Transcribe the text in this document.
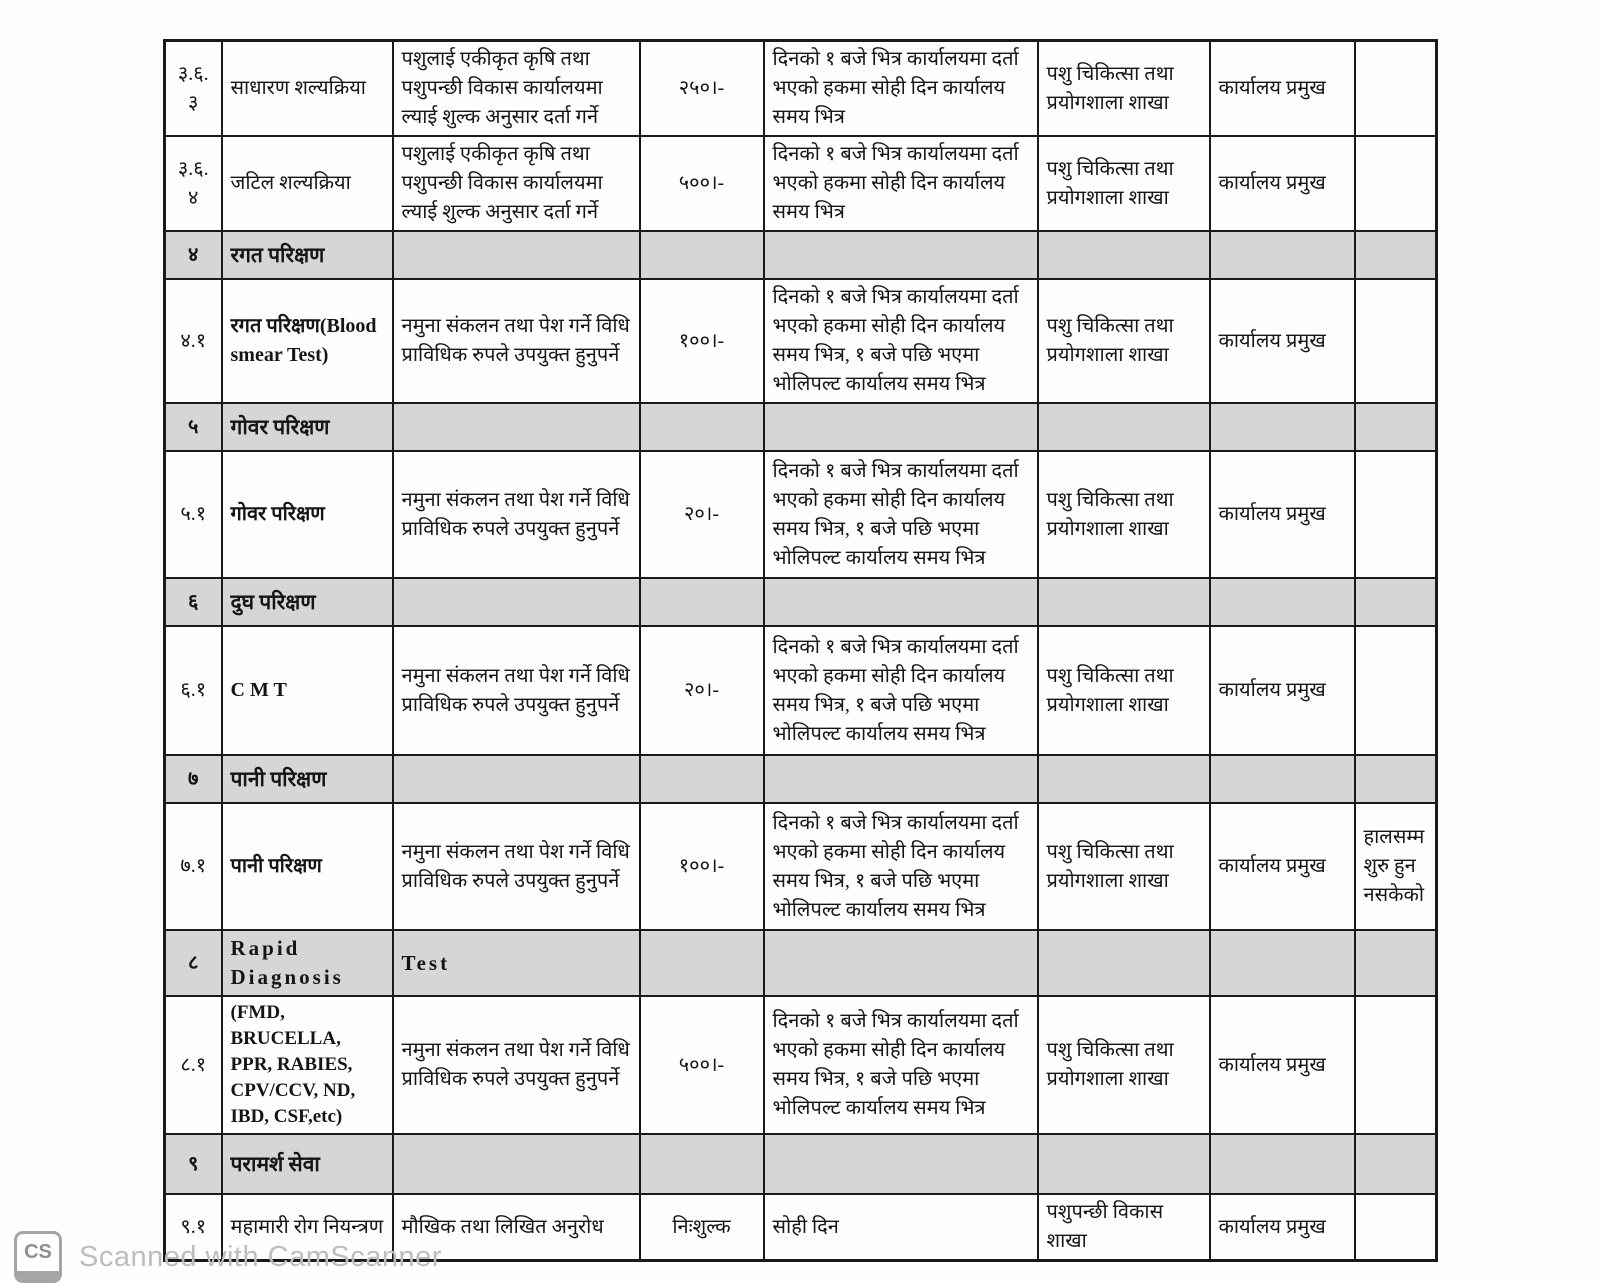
३.६.३	साधारण शल्यक्रिया	पशुलाई एकीकृत कृषि तथा पशुपन्छी विकास कार्यालयमा ल्याई शुल्क अनुसार दर्ता गर्ने	२५०।-	दिनको १ बजे भित्र कार्यालयमा दर्ता भएको हकमा सोही दिन कार्यालय समय भित्र	पशु चिकित्सा तथा प्रयोगशाला शाखा	कार्यालय प्रमुख	
३.६.४	जटिल शल्यक्रिया	पशुलाई एकीकृत कृषि तथा पशुपन्छी विकास कार्यालयमा ल्याई शुल्क अनुसार दर्ता गर्ने	५००।-	दिनको १ बजे भित्र कार्यालयमा दर्ता भएको हकमा सोही दिन कार्यालय समय भित्र	पशु चिकित्सा तथा प्रयोगशाला शाखा	कार्यालय प्रमुख	
४	रगत परिक्षण						
४.१	रगत परिक्षण(Blood smear Test)	नमुना संकलन तथा पेश गर्ने विधि प्राविधिक रुपले उपयुक्त हुनुपर्ने	१००।-	दिनको १ बजे भित्र कार्यालयमा दर्ता भएको हकमा सोही दिन कार्यालय समय भित्र, १ बजे पछि भएमा भोलिपल्ट कार्यालय समय भित्र	पशु चिकित्सा तथा प्रयोगशाला शाखा	कार्यालय प्रमुख	
५	गोवर परिक्षण						
५.१	गोवर परिक्षण	नमुना संकलन तथा पेश गर्ने विधि प्राविधिक रुपले उपयुक्त हुनुपर्ने	२०।-	दिनको १ बजे भित्र कार्यालयमा दर्ता भएको हकमा सोही दिन कार्यालय समय भित्र, १ बजे पछि भएमा भोलिपल्ट कार्यालय समय भित्र	पशु चिकित्सा तथा प्रयोगशाला शाखा	कार्यालय प्रमुख	
६	दुघ परिक्षण						
६.१	C M T	नमुना संकलन तथा पेश गर्ने विधि प्राविधिक रुपले उपयुक्त हुनुपर्ने	२०।-	दिनको १ बजे भित्र कार्यालयमा दर्ता भएको हकमा सोही दिन कार्यालय समय भित्र, १ बजे पछि भएमा भोलिपल्ट कार्यालय समय भित्र	पशु चिकित्सा तथा प्रयोगशाला शाखा	कार्यालय प्रमुख	
७	पानी परिक्षण						
७.१	पानी परिक्षण	नमुना संकलन तथा पेश गर्ने विधि प्राविधिक रुपले उपयुक्त हुनुपर्ने	१००।-	दिनको १ बजे भित्र कार्यालयमा दर्ता भएको हकमा सोही दिन कार्यालय समय भित्र, १ बजे पछि भएमा भोलिपल्ट कार्यालय समय भित्र	पशु चिकित्सा तथा प्रयोगशाला शाखा	कार्यालय प्रमुख	हालसम्म शुरु हुन नसकेको
८	Rapid Diagnosis	Test					
८.१	(FMD, BRUCELLA, PPR, RABIES, CPV/CCV, ND, IBD, CSF,etc)	नमुना संकलन तथा पेश गर्ने विधि प्राविधिक रुपले उपयुक्त हुनुपर्ने	५००।-	दिनको १ बजे भित्र कार्यालयमा दर्ता भएको हकमा सोही दिन कार्यालय समय भित्र, १ बजे पछि भएमा भोलिपल्ट कार्यालय समय भित्र	पशु चिकित्सा तथा प्रयोगशाला शाखा	कार्यालय प्रमुख	
९	परामर्श सेवा						
९.१	महामारी रोग नियन्त्रण	मौखिक तथा लिखित अनुरोध	निःशुल्क	सोही दिन	पशुपन्छी विकास शाखा	कार्यालय प्रमुख	
CS Scanned with CamScanner
